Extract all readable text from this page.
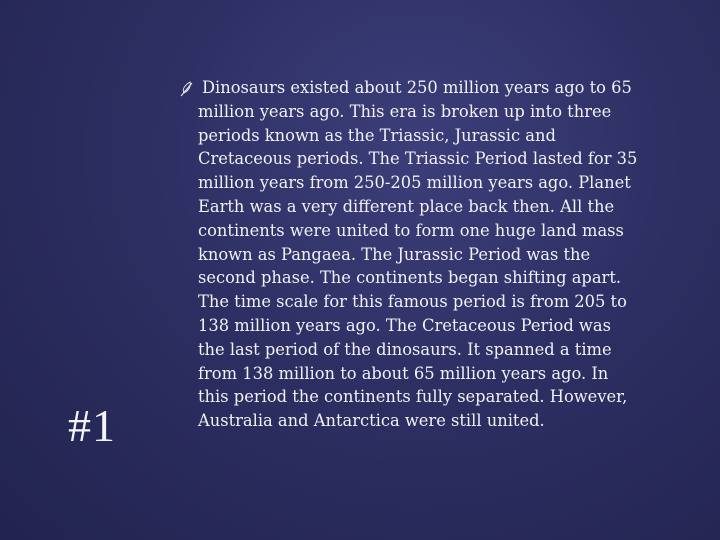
#1

Dinosaurs existed about 250 million years ago to 65 million years ago. This era is broken up into three periods known as the Triassic, Jurassic and Cretaceous periods. The Triassic Period lasted for 35 million years from 250-205 million years ago. Planet Earth was a very different place back then. All the continents were united to form one huge land mass known as Pangaea. The Jurassic Period was the second phase. The continents began shifting apart. The time scale for this famous period is from 205 to 138 million years ago. The Cretaceous Period was the last period of the dinosaurs. It spanned a time from 138 million to about 65 million years ago. In this period the continents fully separated. However, Australia and Antarctica were still united.
